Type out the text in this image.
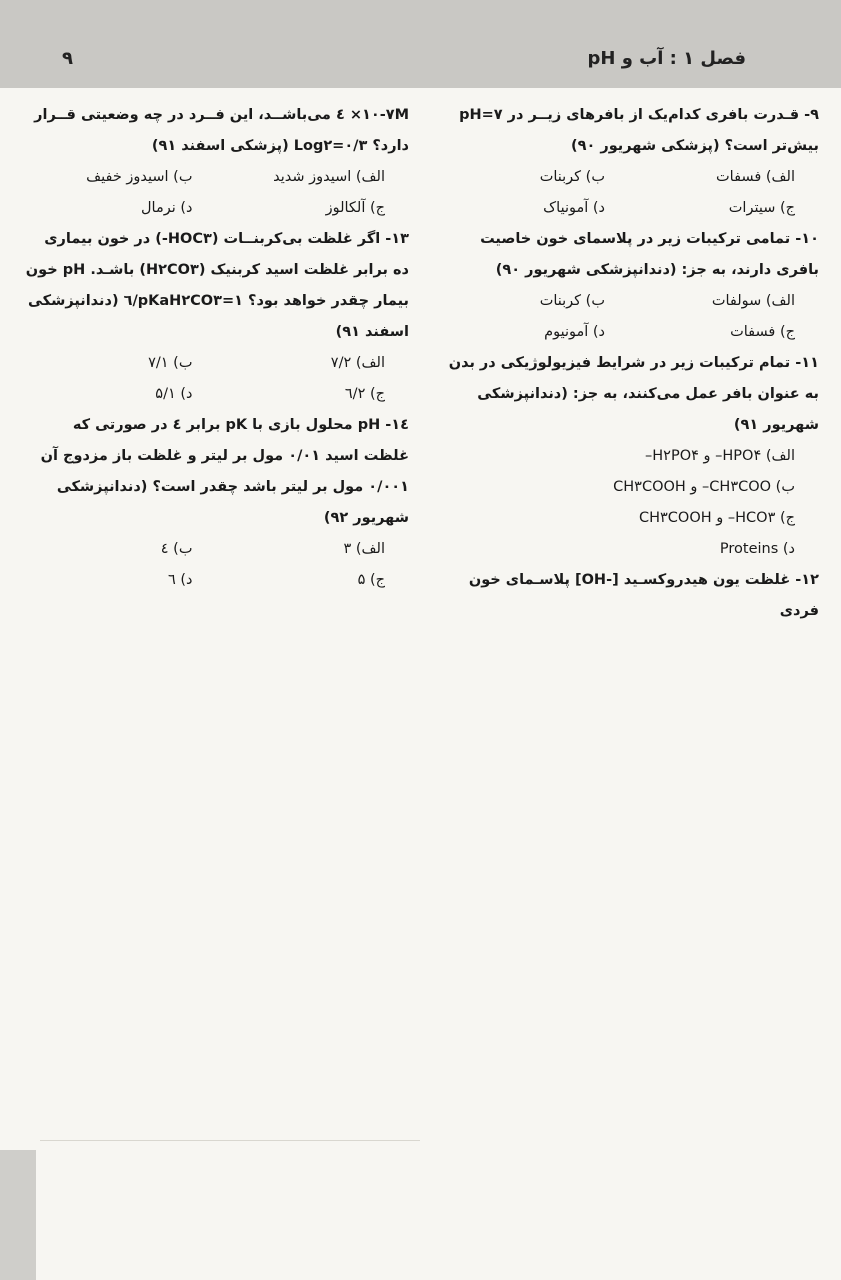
۹	فصل ۱ : آب و pH

۹- قـدرت بافری کدام‌یک از بافرهای زیــر در pH=۷ بیش‌تر است؟ (پزشکی شهریور ۹۰)

الف) فسفات
ب) کربنات
ج) سیترات
د) آمونیاک

۱۰- تمامی ترکیبات زیر در پلاسمای خون خاصیت بافری دارند، به جز: (دندانپزشکی شهریور ۹۰)

الف) سولفات
ب) کربنات
ج) فسفات
د) آمونیوم

۱۱- تمام ترکیبات زیر در شرایط فیزیولوژیکی در بدن به عنوان بافر عمل می‌کنند، به جز: (دندانپزشکی شهریور ۹۱)

الف) HPO۴– و H۲PO۴–
ب) CH۳COO– و CH۳COOH
ج) HCO۳– و CH۳COOH
د) Proteins

۱۲- غلظت یون هیدروکسـید [-OH] پلاسـمای خون فردی

۱۰-۷M× ٤ می‌باشــد، این فــرد در چه وضعیتی قــرار دارد؟ Log۲=۰/۳ (پزشکی اسفند ۹۱)

الف) اسیدوز شدید
ب) اسیدوز خفیف
ج) آلکالوز
د) نرمال

۱۳- اگر غلظت بی‌کربنــات (HOC۳-) در خون بیماری ده برابر غلظت اسید کربنیک (H۲CO۳) باشـد. pH خون بیمار چقدر خواهد بود؟ pKaH۲CO۳=۱/٦ (دندانپزشکی اسفند ۹۱)

الف) ۷/۲
ب) ۷/۱
ج) ٦/۲
د) ۵/۱

۱٤- pH محلول بازی با pK برابر ٤ در صورتی که غلظت اسید ۰/۰۱ مول بر لیتر و غلظت باز مزدوج آن ۰/۰۰۱ مول بر لیتر باشد چقدر است؟ (دندانپزشکی شهریور ۹۲)

الف) ۳
ب) ٤
ج) ۵
د) ٦
